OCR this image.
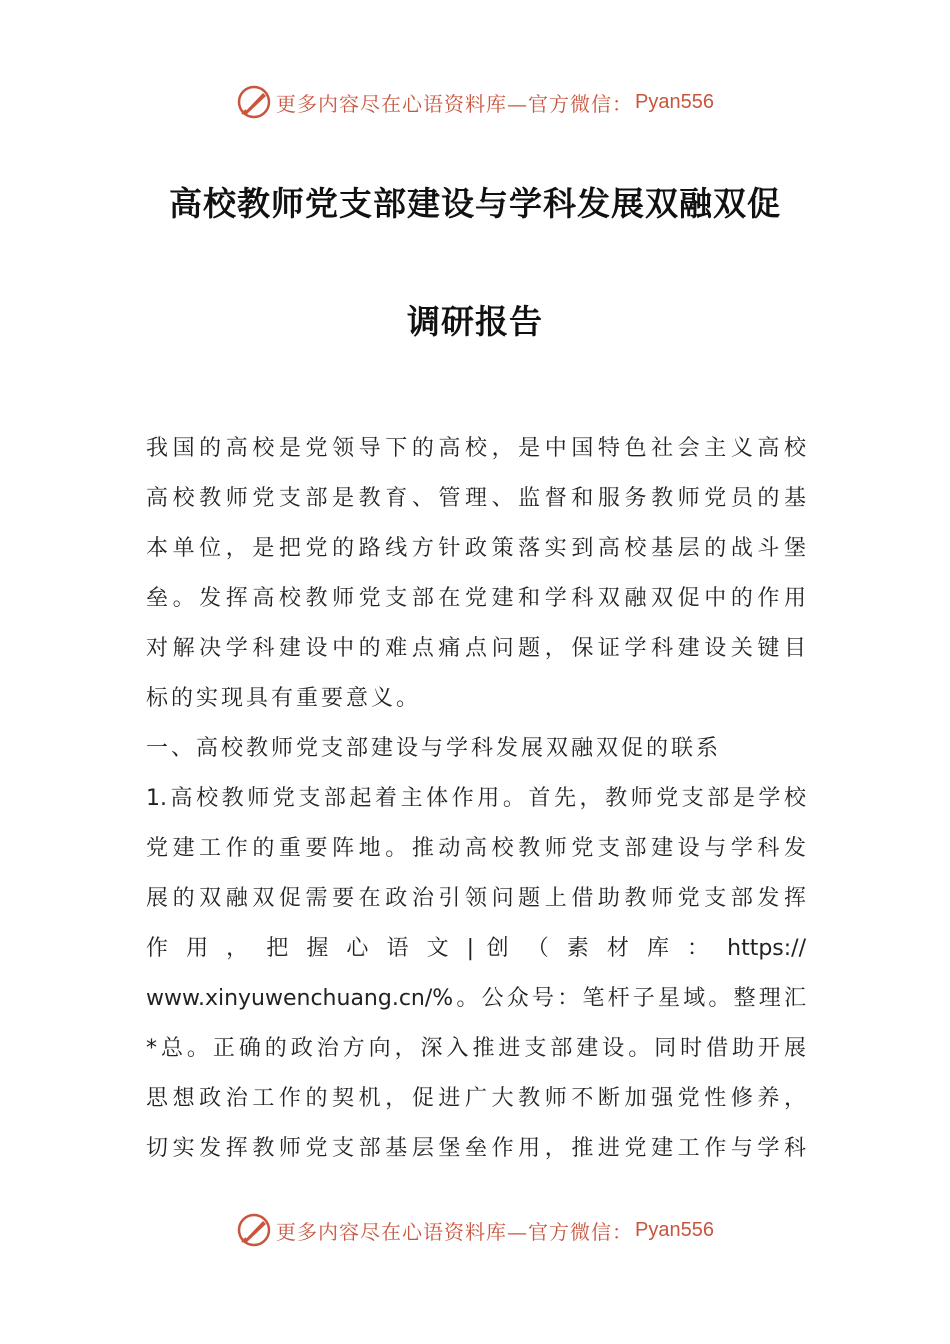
更多内容尽在心语资料库—官方微信： Pyan556
高校教师党支部建设与学科发展双融双促
调研报告
我国的高校是党领导下的高校，是中国特色社会主义高校
高校教师党支部是教育、管理、监督和服务教师党员的基
本单位，是把党的路线方针政策落实到高校基层的战斗堡
垒。发挥高校教师党支部在党建和学科双融双促中的作用
对解决学科建设中的难点痛点问题，保证学科建设关键目
标的实现具有重要意义。
一、高校教师党支部建设与学科发展双融双促的联系
1.高校教师党支部起着主体作用。首先，教师党支部是学校
党建工作的重要阵地。推动高校教师党支部建设与学科发
展的双融双促需要在政治引领问题上借助教师党支部发挥
作 用 ， 把 握 心 语 文 | 创 （ 素 材 库 ： https://
www.xinyuwenchuang.cn/%。公众号：笔杆子星域。整理汇
*总。正确的政治方向，深入推进支部建设。同时借助开展
思想政治工作的契机，促进广大教师不断加强党性修养，
切实发挥教师党支部基层堡垒作用，推进党建工作与学科
更多内容尽在心语资料库—官方微信： Pyan556
